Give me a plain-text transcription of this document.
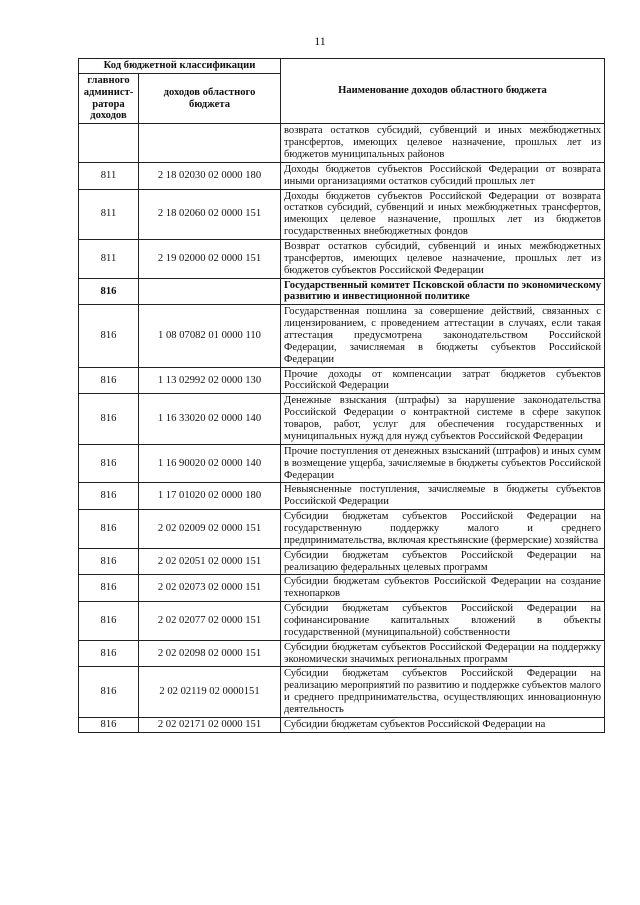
11
Код бюджетной классификации		Наименование доходов областного бюджета
главного админист-ратора доходов	доходов областного бюджета	
		возврата остатков субсидий, субвенций и иных межбюджетных трансфертов, имеющих целевое назначение, прошлых лет из бюджетов муниципальных районов
811	2 18 02030 02 0000 180	Доходы бюджетов субъектов Российской Федерации от возврата иными организациями остатков субсидий прошлых лет
811	2 18 02060 02 0000 151	Доходы бюджетов субъектов Российской Федерации от возврата остатков субсидий, субвенций и иных межбюджетных трансфертов, имеющих целевое назначение, прошлых лет из бюджетов государственных внебюджетных фондов
811	2 19 02000 02 0000 151	Возврат остатков субсидий, субвенций и иных межбюджетных трансфертов, имеющих целевое назначение, прошлых лет из бюджетов субъектов Российской Федерации
816		Государственный комитет Псковской области по экономическому развитию и инвестиционной политике
816	1 08 07082 01 0000 110	Государственная пошлина за совершение действий, связанных с лицензированием, с проведением аттестации в случаях, если такая аттестация предусмотрена законодательством Российской Федерации, зачисляемая в бюджеты субъектов Российской Федерации
816	1 13 02992 02 0000 130	Прочие доходы от компенсации затрат бюджетов субъектов Российской Федерации
816	1 16 33020 02 0000 140	Денежные взыскания (штрафы) за нарушение законодательства Российской Федерации о контрактной системе в сфере закупок товаров, работ, услуг для обеспечения государственных и муниципальных нужд для нужд субъектов Российской Федерации
816	1 16 90020 02 0000 140	Прочие поступления от денежных взысканий (штрафов) и иных сумм в возмещение ущерба, зачисляемые в бюджеты субъектов Российской Федерации
816	1 17 01020 02 0000 180	Невыясненные поступления, зачисляемые в бюджеты субъектов Российской Федерации
816	2 02 02009 02 0000 151	Субсидии бюджетам субъектов Российской Федерации на государственную поддержку малого и среднего предпринимательства, включая крестьянские (фермерские) хозяйства
816	2 02 02051 02 0000 151	Субсидии бюджетам субъектов Российской Федерации на реализацию федеральных целевых программ
816	2 02 02073 02 0000 151	Субсидии бюджетам субъектов Российской Федерации на создание технопарков
816	2 02 02077 02 0000 151	Субсидии бюджетам субъектов Российской Федерации на софинансирование капитальных вложений в объекты государственной (муниципальной) собственности
816	2 02 02098 02 0000 151	Субсидии бюджетам субъектов Российской Федерации на поддержку экономически значимых региональных программ
816	2 02 02119 02 0000151	Субсидии бюджетам субъектов Российской Федерации на реализацию мероприятий по развитию и поддержке субъектов малого и среднего предпринимательства, осуществляющих инновационную деятельность
816	2 02 02171 02 0000 151	Субсидии бюджетам субъектов Российской Федерации на
